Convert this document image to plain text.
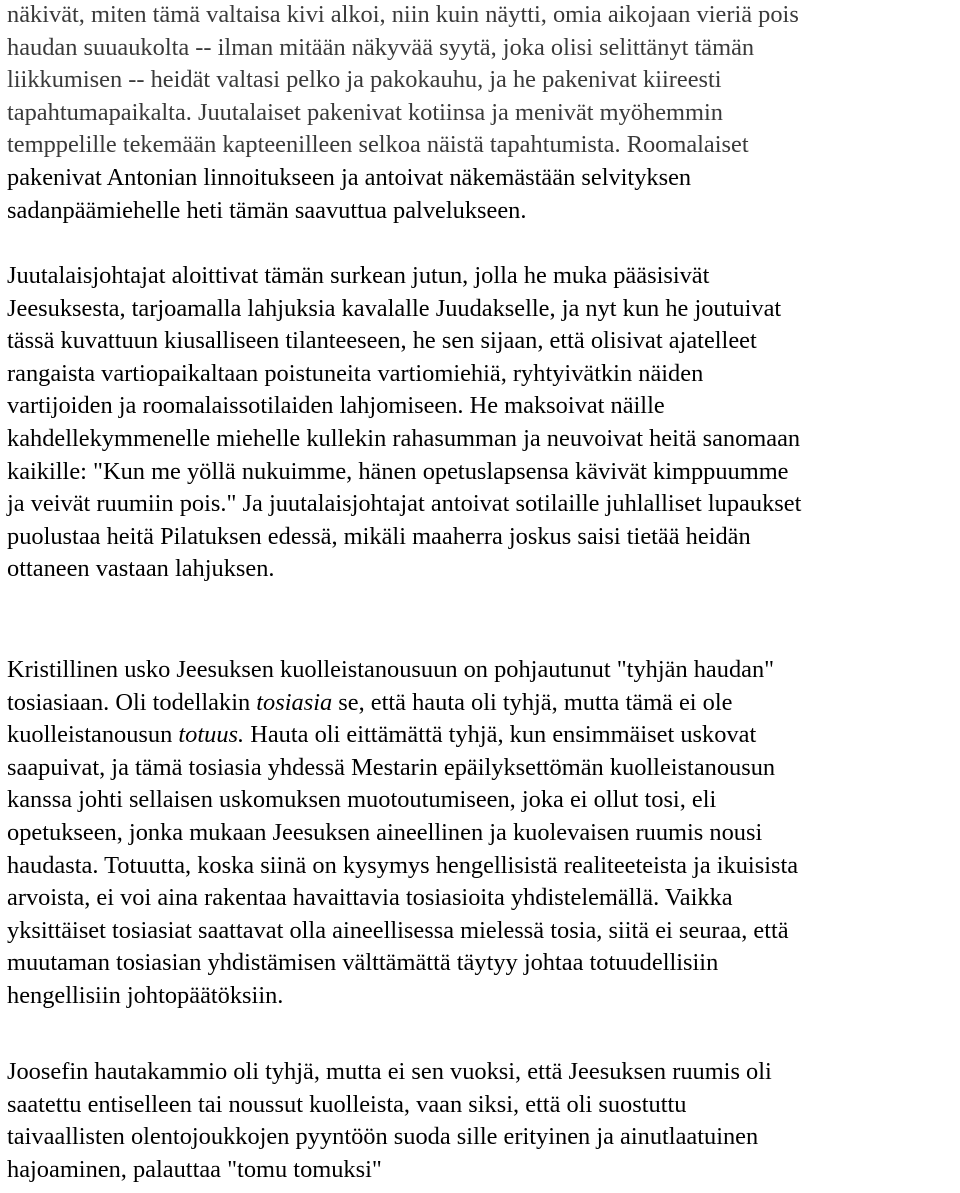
näkivät, miten tämä valtaisa kivi alkoi, niin kuin näytti, omia aikojaan vieriä pois
haudan suuaukolta -- ilman mitään näkyvää syytä, joka olisi selittänyt tämän
liikkumisen -- heidät valtasi pelko ja pakokauhu, ja he pakenivat kiireesti
tapahtumapaikalta. Juutalaiset pakenivat kotiinsa ja menivät myöhemmin
temppelille tekemään kapteenilleen selkoa näistä tapahtumista. Roomalaiset
pakenivat Antonian linnoitukseen ja antoivat näkemästään selvityksen
sadanpäämiehelle heti tämän saavuttua palvelukseen.

Juutalaisjohtajat aloittivat tämän surkean jutun, jolla he muka pääsisivät
Jeesuksesta, tarjoamalla lahjuksia kavalalle Juudakselle, ja nyt kun he joutuivat
tässä kuvattuun kiusalliseen tilanteeseen, he sen sijaan, että olisivat ajatelleet
rangaista vartiopaikaltaan poistuneita vartiomiehiä, ryhtyivätkin näiden
vartijoiden ja roomalaissotilaiden lahjomiseen. He maksoivat näille
kahdellekymmenelle miehelle kullekin rahasumman ja neuvoivat heitä sanomaan
kaikille: "Kun me yöllä nukuimme, hänen opetuslapsensa kävivät kimppuumme
ja veivät ruumiin pois." Ja juutalaisjohtajat antoivat sotilaille juhlalliset lupaukset
puolustaa heitä Pilatuksen edessä, mikäli maaherra joskus saisi tietää heidän
ottaneen vastaan lahjuksen.

Kristillinen usko Jeesuksen kuolleistanousuun on pohjautunut "tyhjän haudan"
tosiasiaan. Oli todellakin tosiasia se, että hauta oli tyhjä, mutta tämä ei ole
kuolleistanousun totuus. Hauta oli eittämättä tyhjä, kun ensimmäiset uskovat
saapuivat, ja tämä tosiasia yhdessä Mestarin epäilyksettömän kuolleistanousun
kanssa johti sellaisen uskomuksen muotoutumiseen, joka ei ollut tosi, eli
opetukseen, jonka mukaan Jeesuksen aineellinen ja kuolevaisen ruumis nousi
haudasta. Totuutta, koska siinä on kysymys hengellisistä realiteeteista ja ikuisista
arvoista, ei voi aina rakentaa havaittavia tosiasioita yhdistelemällä. Vaikka
yksittäiset tosiasiat saattavat olla aineellisessa mielessä tosia, siitä ei seuraa, että
muutaman tosiasian yhdistämisen välttämättä täytyy johtaa totuudellisiin
hengellisiin johtopäätöksiin.

Joosefin hautakammio oli tyhjä, mutta ei sen vuoksi, että Jeesuksen ruumis oli
saatettu entiselleen tai noussut kuolleista, vaan siksi, että oli suostuttu
taivaallisten olentojoukkojen pyyntöön suoda sille erityinen ja ainutlaatuinen
hajoaminen, palauttaa "tomu tomuksi"
